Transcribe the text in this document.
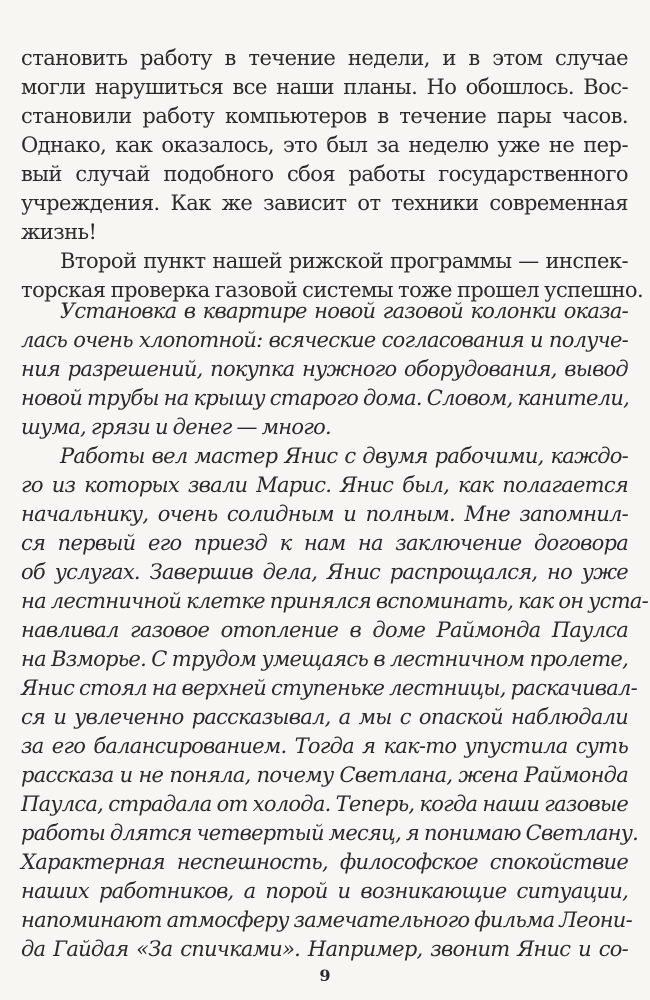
становить работу в течение недели, и в этом случае
могли нарушиться все наши планы. Но обошлось. Вос-
становили работу компьютеров в течение пары часов.
Однако, как оказалось, это был за неделю уже не пер-
вый случай подобного сбоя работы государственного
учреждения. Как же зависит от техники современная
жизнь!
Второй пункт нашей рижской программы — инспек-
торская проверка газовой системы тоже прошел успешно.
Установка в квартире новой газовой колонки оказа-
лась очень хлопотной: всяческие согласования и получе-
ния разрешений, покупка нужного оборудования, вывод
новой трубы на крышу старого дома. Словом, канители,
шума, грязи и денег — много.
Работы вел мастер Янис с двумя рабочими, каждо-
го из которых звали Марис. Янис был, как полагается
начальнику, очень солидным и полным. Мне запомнил-
ся первый его приезд к нам на заключение договора
об услугах. Завершив дела, Янис распрощался, но уже
на лестничной клетке принялся вспоминать, как он уста-
навливал газовое отопление в доме Раймонда Паулса
на Взморье. С трудом умещаясь в лестничном пролете,
Янис стоял на верхней ступеньке лестницы, раскачивал-
ся и увлеченно рассказывал, а мы с опаской наблюдали
за его балансированием. Тогда я как-то упустила суть
рассказа и не поняла, почему Светлана, жена Раймонда
Паулса, страдала от холода. Теперь, когда наши газовые
работы длятся четвертый месяц, я понимаю Светлану.
Характерная неспешность, философское спокойствие
наших работников, а порой и возникающие ситуации,
напоминают атмосферу замечательного фильма Леони-
9
да Гайдая «За спичками». Например, звонит Янис и со-
